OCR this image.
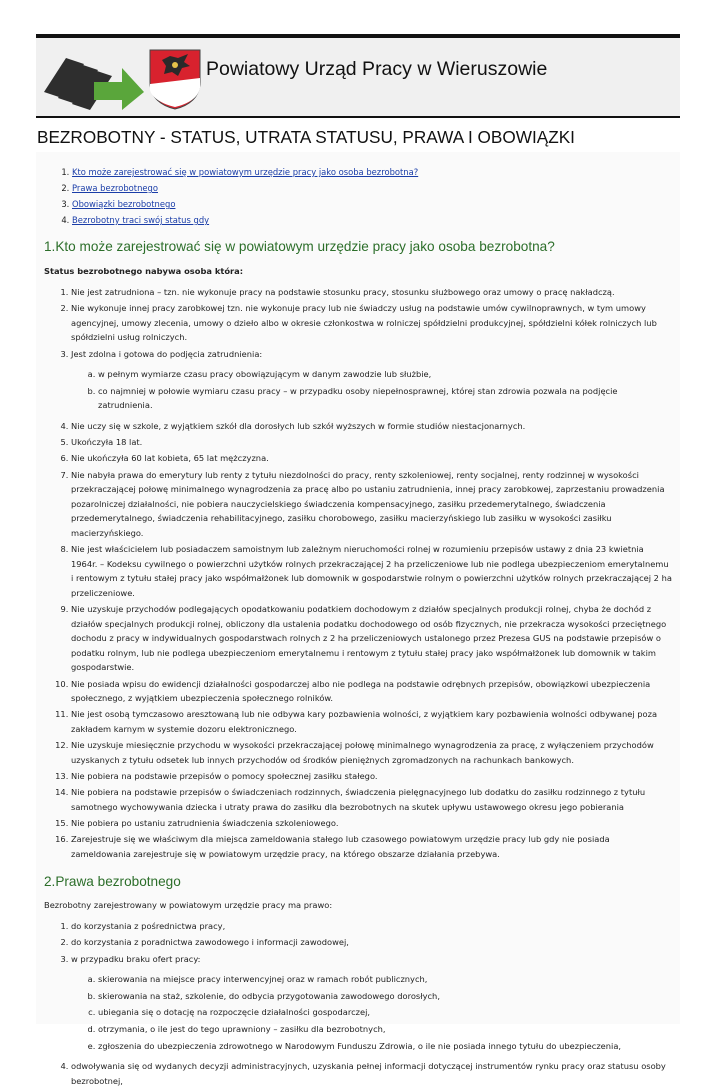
Powiatowy Urząd Pracy w Wieruszowie
BEZROBOTNY - STATUS, UTRATA STATUSU, PRAWA I OBOWIĄZKI
1. Kto może zarejestrować się w powiatowym urzędzie pracy jako osoba bezrobotna?
2. Prawa bezrobotnego
3. Obowiązki bezrobotnego
4. Bezrobotny traci swój status gdy
1.Kto może zarejestrować się w powiatowym urzędzie pracy jako osoba bezrobotna?

Status bezrobotnego nabywa osoba która:

1. Nie jest zatrudniona – tzn. nie wykonuje pracy na podstawie stosunku pracy, stosunku służbowego oraz umowy o pracę nakładczą.
2. Nie wykonuje innej pracy zarobkowej tzn. nie wykonuje pracy lub nie świadczy usług na podstawie umów cywilnoprawnych, w tym umowy agencyjnej, umowy zlecenia, umowy o dzieło albo w okresie członkostwa w rolniczej spółdzielni produkcyjnej, spółdzielni kółek rolniczych lub spółdzielni usług rolniczych.
3. Jest zdolna i gotowa do podjęcia zatrudnienia:
a. w pełnym wymiarze czasu pracy obowiązującym w danym zawodzie lub służbie,
b. co najmniej w połowie wymiaru czasu pracy – w przypadku osoby niepełnosprawnej, której stan zdrowia pozwala na podjęcie zatrudnienia.
4. Nie uczy się w szkole, z wyjątkiem szkół dla dorosłych lub szkół wyższych w formie studiów niestacjonarnych.
5. Ukończyła 18 lat.
6. Nie ukończyła 60 lat kobieta, 65 lat mężczyzna.
7. Nie nabyła prawa do emerytury lub renty z tytułu niezdolności do pracy, renty szkoleniowej, renty socjalnej, renty rodzinnej w wysokości przekraczającej połowę minimalnego wynagrodzenia za pracę albo po ustaniu zatrudnienia, innej pracy zarobkowej, zaprzestaniu prowadzenia pozarolniczej działalności, nie pobiera nauczycielskiego świadczenia kompensacyjnego, zasiłku przedemerytalnego, świadczenia przedemerytalnego, świadczenia rehabilitacyjnego, zasiłku chorobowego, zasiłku macierzyńskiego lub zasiłku w wysokości zasiłku macierzyńskiego.
8. Nie jest właścicielem lub posiadaczem samoistnym lub zależnym nieruchomości rolnej w rozumieniu przepisów ustawy z dnia 23 kwietnia 1964r. – Kodeksu cywilnego o powierzchni użytków rolnych przekraczającej 2 ha przeliczeniowe lub nie podlega ubezpieczeniom emerytalnemu i rentowym z tytułu stałej pracy jako współmałżonek lub domownik w gospodarstwie rolnym o powierzchni użytków rolnych przekraczającej 2 ha przeliczeniowe.
9. Nie uzyskuje przychodów podlegających opodatkowaniu podatkiem dochodowym z działów specjalnych produkcji rolnej, chyba że dochód z działów specjalnych produkcji rolnej, obliczony dla ustalenia podatku dochodowego od osób fizycznych, nie przekracza wysokości przeciętnego dochodu z pracy w indywidualnych gospodarstwach rolnych z 2 ha przeliczeniowych ustalonego przez Prezesa GUS na podstawie przepisów o podatku rolnym, lub nie podlega ubezpieczeniom emerytalnemu i rentowym z tytułu stałej pracy jako współmałżonek lub domownik w takim gospodarstwie.
10. Nie posiada wpisu do ewidencji działalności gospodarczej albo nie podlega na podstawie odrębnych przepisów, obowiązkowi ubezpieczenia społecznego, z wyjątkiem ubezpieczenia społecznego rolników.
11. Nie jest osobą tymczasowo aresztowaną lub nie odbywa kary pozbawienia wolności, z wyjątkiem kary pozbawienia wolności odbywanej poza zakładem karnym w systemie dozoru elektronicznego.
12. Nie uzyskuje miesięcznie przychodu w wysokości przekraczającej połowę minimalnego wynagrodzenia za pracę, z wyłączeniem przychodów uzyskanych z tytułu odsetek lub innych przychodów od środków pieniężnych zgromadzonych na rachunkach bankowych.
13. Nie pobiera na podstawie przepisów o pomocy społecznej zasiłku stałego.
14. Nie pobiera na podstawie przepisów o świadczeniach rodzinnych, świadczenia pielęgnacyjnego lub dodatku do zasiłku rodzinnego z tytułu samotnego wychowywania dziecka i utraty prawa do zasiłku dla bezrobotnych na skutek upływu ustawowego okresu jego pobierania
15. Nie pobiera po ustaniu zatrudnienia świadczenia szkoleniowego.
16. Zarejestruje się we właściwym dla miejsca zameldowania stałego lub czasowego powiatowym urzędzie pracy lub gdy nie posiada zameldowania zarejestruje się w powiatowym urzędzie pracy, na którego obszarze działania przebywa.
2.Prawa bezrobotnego

Bezrobotny zarejestrowany w powiatowym urzędzie pracy ma prawo:

1. do korzystania z pośrednictwa pracy,
2. do korzystania z poradnictwa zawodowego i informacji zawodowej,
3. w przypadku braku ofert pracy:
a. skierowania na miejsce pracy interwencyjnej oraz w ramach robót publicznych,
b. skierowania na staż, szkolenie, do odbycia przygotowania zawodowego dorosłych,
c. ubiegania się o dotację na rozpoczęcie działalności gospodarczej,
d. otrzymania, o ile jest do tego uprawniony – zasiłku dla bezrobotnych,
e. zgłoszenia do ubezpieczenia zdrowotnego w Narodowym Funduszu Zdrowia, o ile nie posiada innego tytułu do ubezpieczenia,
4. odwoływania się od wydanych decyzji administracyjnych, uzyskania pełnej informacji dotyczącej instrumentów rynku pracy oraz statusu osoby bezrobotnej,
